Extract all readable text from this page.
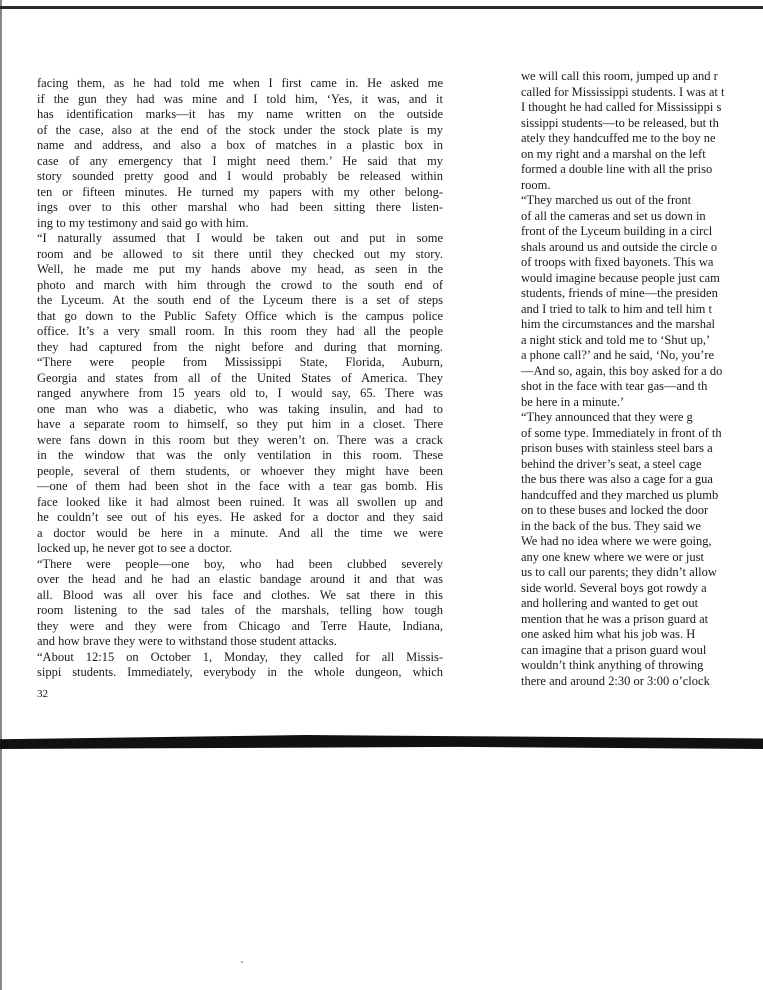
facing them, as he had told me when I first came in. He asked me
if the gun they had was mine and I told him, ‘Yes, it was, and it
has identification marks—it has my name written on the outside
of the case, also at the end of the stock under the stock plate is my
name and address, and also a box of matches in a plastic box in
case of any emergency that I might need them.’ He said that my
story sounded pretty good and I would probably be released within
ten or fifteen minutes. He turned my papers with my other belong-
ings over to this other marshal who had been sitting there listen-
ing to my testimony and said go with him.
“I naturally assumed that I would be taken out and put in some
room and be allowed to sit there until they checked out my story.
Well, he made me put my hands above my head, as seen in the
photo and march with him through the crowd to the south end of
the Lyceum. At the south end of the Lyceum there is a set of steps
that go down to the Public Safety Office which is the campus police
office. It’s a very small room. In this room they had all the people
they had captured from the night before and during that morning.
“There were people from Mississippi State, Florida, Auburn,
Georgia and states from all of the United States of America. They
ranged anywhere from 15 years old to, I would say, 65. There was
one man who was a diabetic, who was taking insulin, and had to
have a separate room to himself, so they put him in a closet. There
were fans down in this room but they weren’t on. There was a crack
in the window that was the only ventilation in this room. These
people, several of them students, or whoever they might have been
—one of them had been shot in the face with a tear gas bomb. His
face looked like it had almost been ruined. It was all swollen up and
he couldn’t see out of his eyes. He asked for a doctor and they said
a doctor would be here in a minute. And all the time we were
locked up, he never got to see a doctor.
“There were people—one boy, who had been clubbed severely
over the head and he had an elastic bandage around it and that was
all. Blood was all over his face and clothes. We sat there in this
room listening to the sad tales of the marshals, telling how tough
they were and they were from Chicago and Terre Haute, Indiana,
and how brave they were to withstand those student attacks.
“About 12:15 on October 1, Monday, they called for all Missis-
sippi students. Immediately, everybody in the whole dungeon, which
we will call this room, jumped up and r
called for Mississippi students. I was at t
I thought he had called for Mississippi s
sissippi students—to be released, but th
ately they handcuffed me to the boy ne
on my right and a marshal on the left
formed a double line with all the priso
room.
“They marched us out of the front
of all the cameras and set us down in
front of the Lyceum building in a circl
shals around us and outside the circle o
of troops with fixed bayonets. This wa
would imagine because people just cam
students, friends of mine—the presiden
and I tried to talk to him and tell him t
him the circumstances and the marshal
a night stick and told me to ‘Shut up,’
a phone call?’ and he said, ‘No, you’re
—And so, again, this boy asked for a do
shot in the face with tear gas—and th
be here in a minute.’
“They announced that they were g
of some type. Immediately in front of th
prison buses with stainless steel bars a
behind the driver’s seat, a steel cage
the bus there was also a cage for a gua
handcuffed and they marched us plumb
on to these buses and locked the door
in the back of the bus. They said we
We had no idea where we were going,
any one knew where we were or just
us to call our parents; they didn’t allow
side world. Several boys got rowdy a
and hollering and wanted to get out
mention that he was a prison guard at
one asked him what his job was. H
can imagine that a prison guard woul
wouldn’t think anything of throwing
there and around 2:30 or 3:00 o’clock
32
